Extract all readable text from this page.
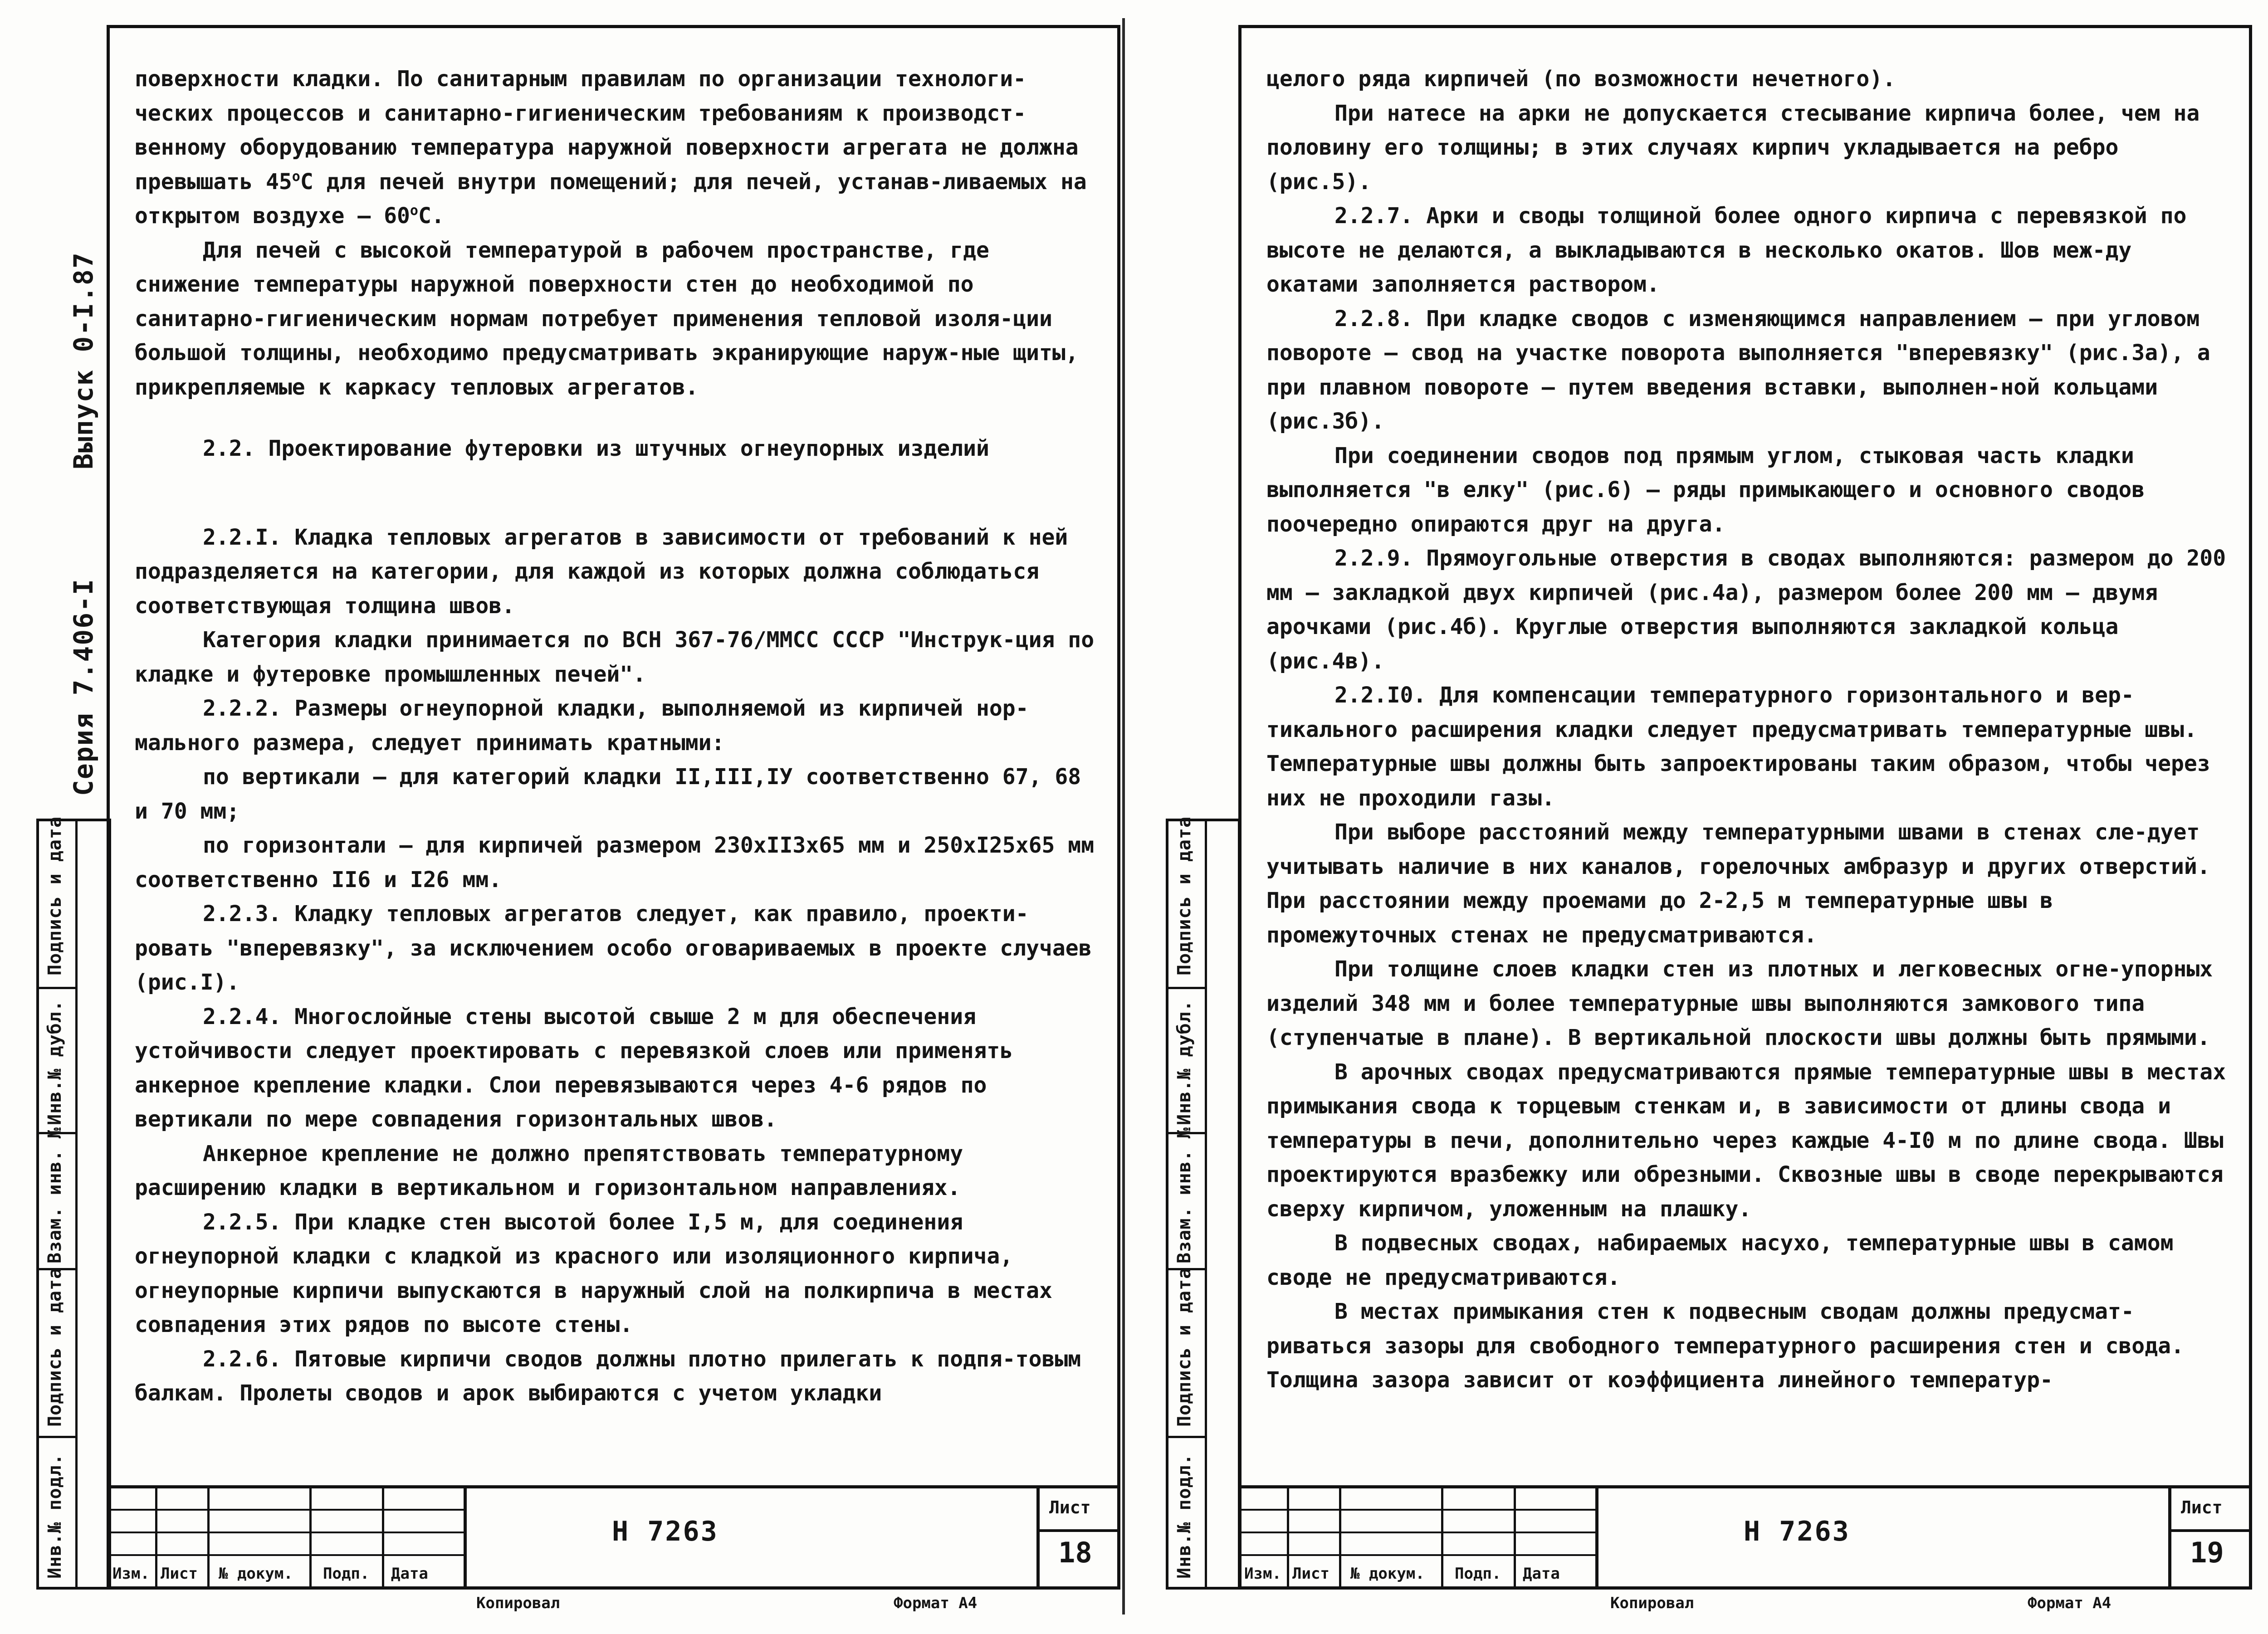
Серия 7.406-IВыпуск 0-I.87
Подпись и дата
Инв.№ дубл.
Взам. инв. №
Подпись и дата
Инв.№ подл.

поверхности кладки. По санитарным правилам по организации технологи-ческих процессов и санитарно-гигиеническим требованиям к производст-венному оборудованию температура наружной поверхности агрегата не должна превышать $45^оС$ для печей внутри помещений; для печей, устанав-ливаемых на открытом воздухе – $60^оС$.

Для печей с высокой температурой в рабочем пространстве, где снижение температуры наружной поверхности стен до необходимой по санитарно-гигиеническим нормам потребует применения тепловой изоля-ции большой толщины, необходимо предусматривать экранирующие наруж-ные щиты, прикрепляемые к каркасу тепловых агрегатов.

2.2. Проектирование футеровки из штучных огнеупорных изделий

2.2.I. Кладка тепловых агрегатов в зависимости от требований к ней подразделяется на категории, для каждой из которых должна соблюдаться соответствующая толщина швов.

Категория кладки принимается по ВСН 367-76/ММСС СССР "Инструк-ция по кладке и футеровке промышленных печей".

2.2.2. Размеры огнеупорной кладки, выполняемой из кирпичей нор-мального размера, следует принимать кратными:

по вертикали – для категорий кладки II,III,IУ соответственно 67, 68 и 70 мм;

по горизонтали – для кирпичей размером 230хII3х65 мм и 250хI25х65 мм соответственно II6 и I26 мм.

2.2.3. Кладку тепловых агрегатов следует, как правило, проекти-ровать "вперевязку", за исключением особо оговариваемых в проекте случаев (рис.I).

2.2.4. Многослойные стены высотой свыше 2 м для обеспечения устойчивости следует проектировать с перевязкой слоев или применять анкерное крепление кладки. Слои перевязываются через 4-6 рядов по вертикали по мере совпадения горизонтальных швов.

Анкерное крепление не должно препятствовать температурному расширению кладки в вертикальном и горизонтальном направлениях.

2.2.5. При кладке стен высотой более I,5 м, для соединения огнеупорной кладки с кладкой из красного или изоляционного кирпича, огнеупорные кирпичи выпускаются в наружный слой на полкирпича в местах совпадения этих рядов по высоте стены.

2.2.6. Пятовые кирпичи сводов должны плотно прилегать к подпя-товым балкам. Пролеты сводов и арок выбираются с учетом укладки

Изм. Лист № докум. Подп. Дата
Н 7263
Лист
18
Копировал	Формат А4
Подпись и дата
Инв.№ дубл.
Взам. инв. №
Подпись и дата
Инв.№ подл.

целого ряда кирпичей (по возможности нечетного).

При натесе на арки не допускается стесывание кирпича более, чем на половину его толщины; в этих случаях кирпич укладывается на ребро (рис.5).

2.2.7. Арки и своды толщиной более одного кирпича с перевязкой по высоте не делаются, а выкладываются в несколько окатов. Шов меж-ду окатами заполняется раствором.

2.2.8. При кладке сводов с изменяющимся направлением – при угловом повороте – свод на участке поворота выполняется "вперевязку" (рис.3а), а при плавном повороте – путем введения вставки, выполнен-ной кольцами (рис.3б).

При соединении сводов под прямым углом, стыковая часть кладки выполняется "в елку" (рис.6) – ряды примыкающего и основного сводов поочередно опираются друг на друга.

2.2.9. Прямоугольные отверстия в сводах выполняются: размером до 200 мм – закладкой двух кирпичей (рис.4а), размером более 200 мм – двумя арочками (рис.4б). Круглые отверстия выполняются закладкой кольца (рис.4в).

2.2.I0. Для компенсации температурного горизонтального и вер-тикального расширения кладки следует предусматривать температурные швы. Температурные швы должны быть запроектированы таким образом, чтобы через них не проходили газы.

При выборе расстояний между температурными швами в стенах сле-дует учитывать наличие в них каналов, горелочных амбразур и других отверстий. При расстоянии между проемами до 2-2,5 м температурные швы в промежуточных стенах не предусматриваются.

При толщине слоев кладки стен из плотных и легковесных огне-упорных изделий 348 мм и более температурные швы выполняются замкового типа (ступенчатые в плане). В вертикальной плоскости швы должны быть прямыми.

В арочных сводах предусматриваются прямые температурные швы в местах примыкания свода к торцевым стенкам и, в зависимости от длины свода и температуры в печи, дополнительно через каждые 4-I0 м по длине свода. Швы проектируются вразбежку или обрезными. Сквозные швы в своде перекрываются сверху кирпичом, уложенным на плашку.

В подвесных сводах, набираемых насухо, температурные швы в самом своде не предусматриваются.

В местах примыкания стен к подвесным сводам должны предусмат-риваться зазоры для свободного температурного расширения стен и свода. Толщина зазора зависит от коэффициента линейного температур-

Изм. Лист № докум. Подп. Дата
Н 7263
Лист
19
Копировал	Формат А4
